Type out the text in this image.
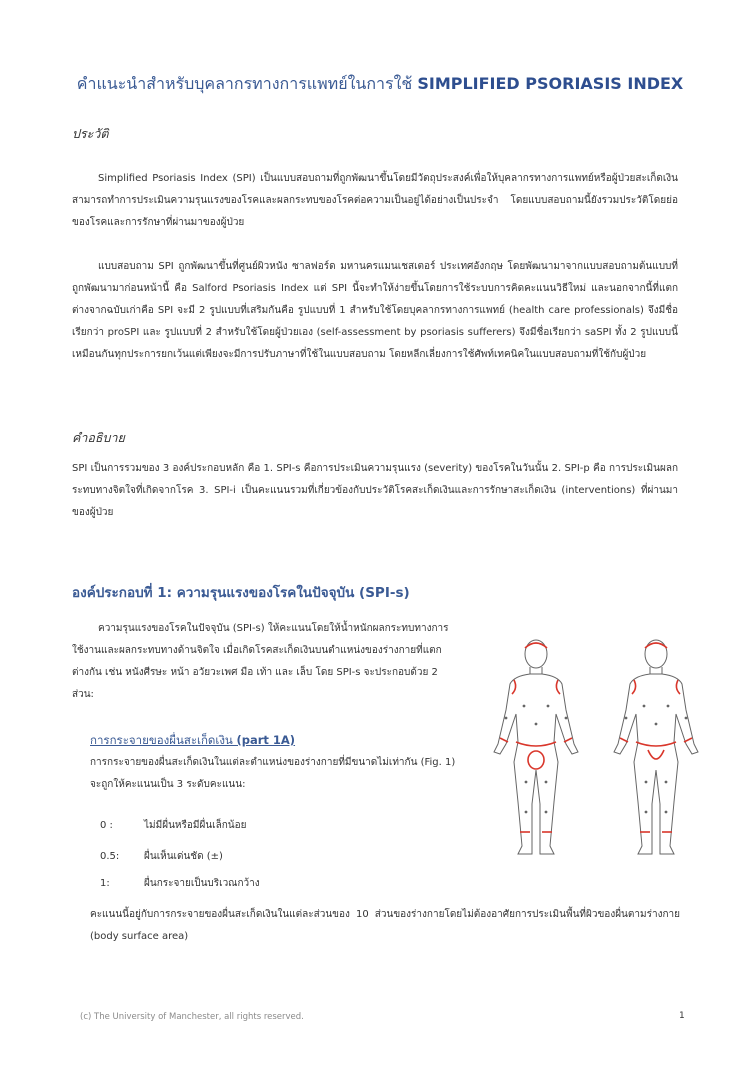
คำแนะนำสำหรับบุคลากรทางการแพทย์ในการใช้ SIMPLIFIED PSORIASIS INDEX
ประวัติ
Simplified Psoriasis Index (SPI) เป็นแบบสอบถามที่ถูกพัฒนาขึ้นโดยมีวัตถุประสงค์เพื่อให้บุคลากรทางการแพทย์หรือผู้ป่วยสะเก็ดเงินสามารถทำการประเมินความรุนแรงของโรคและผลกระทบของโรคต่อความเป็นอยู่ได้อย่างเป็นประจำ โดยแบบสอบถามนี้ยังรวมประวัติโดยย่อของโรคและการรักษาที่ผ่านมาของผู้ป่วย
แบบสอบถาม SPI ถูกพัฒนาขึ้นที่ศูนย์ผิวหนัง ซาลฟอร์ด มหานครแมนเชสเตอร์ ประเทศอังกฤษ โดยพัฒนามาจากแบบสอบถามต้นแบบที่ถูกพัฒนามาก่อนหน้านี้ คือ Salford Psoriasis Index แต่ SPI นี้จะทำให้ง่ายขึ้นโดยการใช้ระบบการคิดคะแนนวิธีใหม่ และนอกจากนี้ที่แตกต่างจากฉบับเก่าคือ SPI จะมี 2 รูปแบบที่เสริมกันคือ รูปแบบที่ 1 สำหรับใช้โดยบุคลากรทางการแพทย์ (health care professionals) จึงมีชื่อเรียกว่า proSPI และ รูปแบบที่ 2 สำหรับใช้โดยผู้ป่วยเอง (self-assessment by psoriasis sufferers) จึงมีชื่อเรียกว่า saSPI ทั้ง 2 รูปแบบนี้เหมือนกันทุกประการยกเว้นแต่เพียงจะมีการปรับภาษาที่ใช้ในแบบสอบถาม โดยหลีกเลี่ยงการใช้ศัพท์เทคนิคในแบบสอบถามที่ใช้กับผู้ป่วย
คำอธิบาย
SPI เป็นการรวมของ 3 องค์ประกอบหลัก คือ 1. SPI-s คือการประเมินความรุนแรง (severity) ของโรคในวันนั้น 2. SPI-p คือ การประเมินผลกระทบทางจิตใจที่เกิดจากโรค 3. SPI-i เป็นคะแนนรวมที่เกี่ยวข้องกับประวัติโรคสะเก็ดเงินและการรักษาสะเก็ดเงิน (interventions) ที่ผ่านมาของผู้ป่วย
องค์ประกอบที่ 1: ความรุนแรงของโรคในปัจจุบัน (SPI-s)
ความรุนแรงของโรคในปัจจุบัน (SPI-s) ให้คะแนนโดยให้น้ำหนักผลกระทบทางการใช้งานและผลกระทบทางด้านจิตใจ เมื่อเกิดโรคสะเก็ดเงินบนตำแหน่งของร่างกายที่แตกต่างกัน เช่น หนังศีรษะ หน้า อวัยวะเพศ มือ เท้า และ เล็บ โดย SPI-s จะประกอบด้วย 2 ส่วน:
การกระจายของผื่นสะเก็ดเงิน (part 1A)
การกระจายของผื่นสะเก็ดเงินในแต่ละตำแหน่งของร่างกายที่มีขนาดไม่เท่ากัน (Fig. 1) จะถูกให้คะแนนเป็น 3 ระดับคะแนน:
0 :	ไม่มีผื่นหรือมีผื่นเล็กน้อย
0.5: ผื่นเห็นเด่นชัด (±)
1:	ผื่นกระจายเป็นบริเวณกว้าง
คะแนนนี้อยู่กับการกระจายของผื่นสะเก็ดเงินในแต่ละส่วนของ 10 ส่วนของร่างกายโดยไม่ต้องอาศัยการประเมินพื้นที่ผิวของผื่นตามร่างกาย (body surface area)
(c) The University of Manchester, all rights reserved.	1
